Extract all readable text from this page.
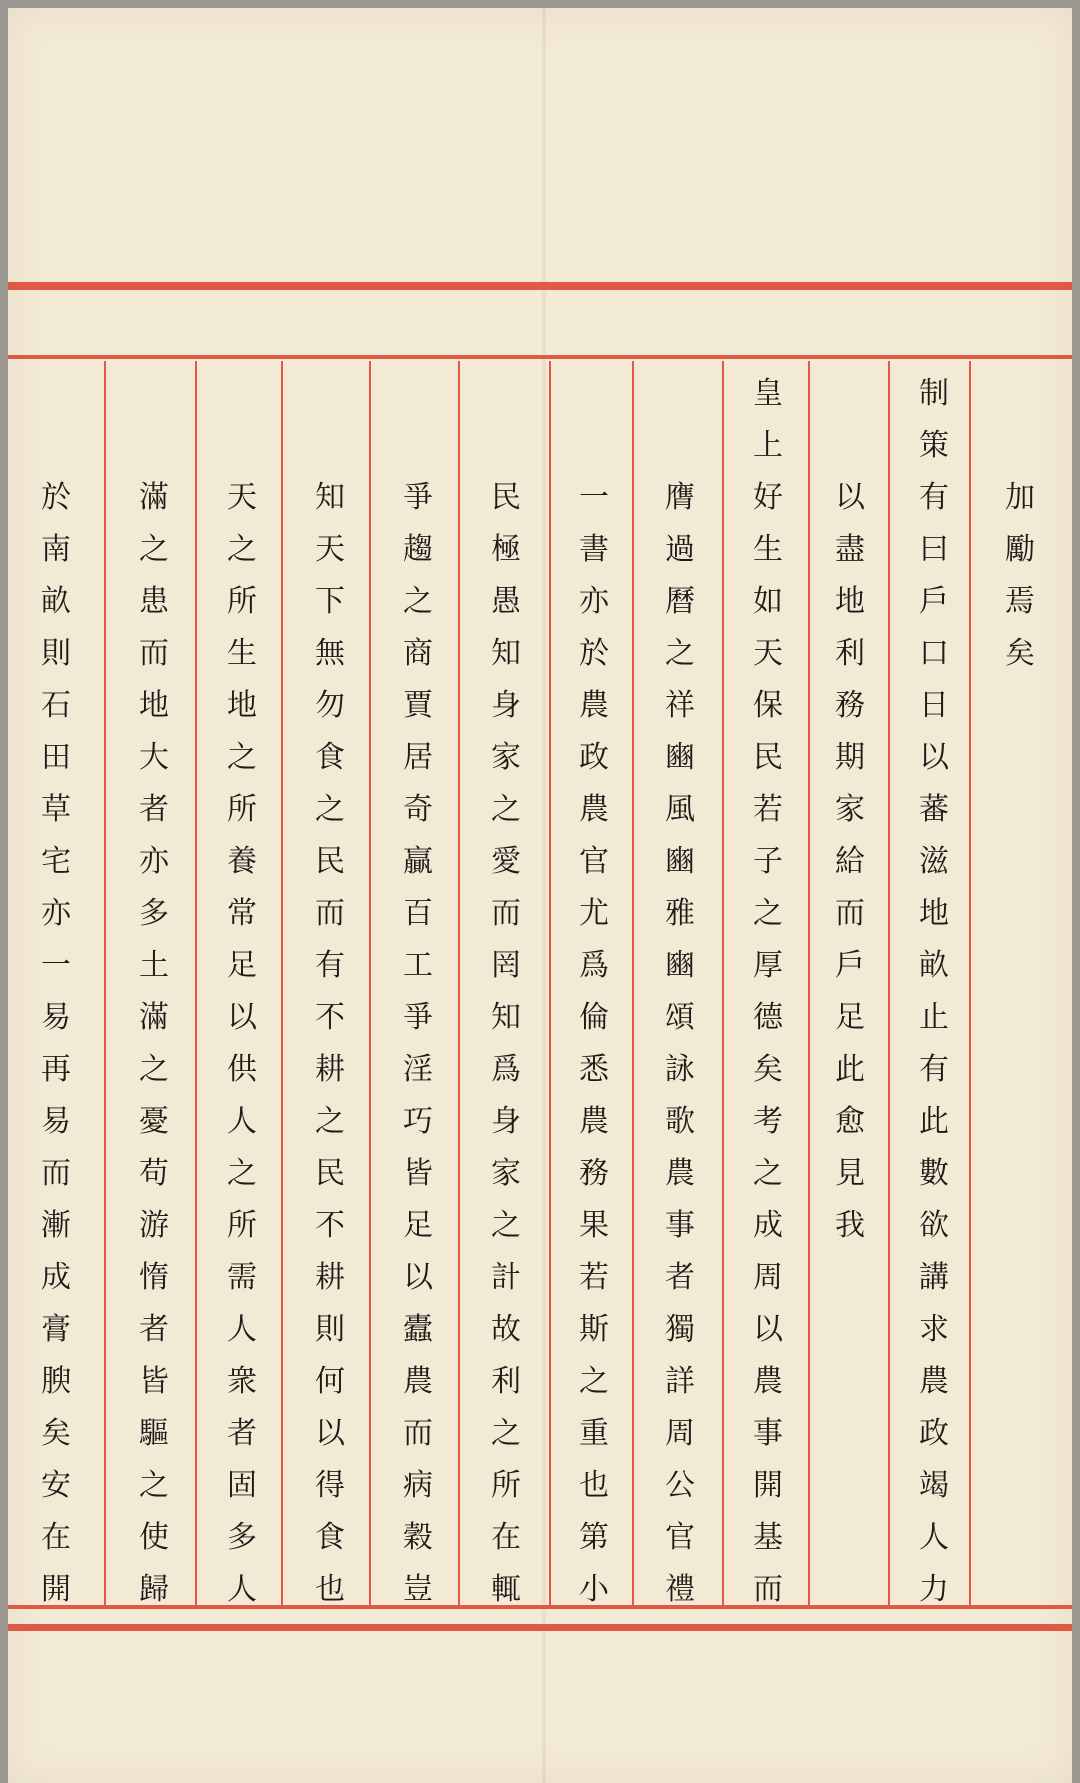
加
勵
焉
矣
制
策
有
曰
戶
口
日
以
蕃
滋
地
畝
止
有
此
數
欲
講
求
農
政
竭
人
力
以
盡
地
利
務
期
家
給
而
戶
足
此
愈
見
我
皇
上
好
生
如
天
保
民
若
子
之
厚
德
矣
考
之
成
周
以
農
事
開
基
而
膺
過
曆
之
祥
豳
風
豳
雅
豳
頌
詠
歌
農
事
者
獨
詳
周
公
官
禮
一
書
亦
於
農
政
農
官
尤
爲
倫
悉
農
務
果
若
斯
之
重
也
第
小
民
極
愚
知
身
家
之
愛
而
罔
知
爲
身
家
之
計
故
利
之
所
在
輒
爭
趨
之
商
賈
居
奇
贏
百
工
爭
淫
巧
皆
足
以
蠹
農
而
病
穀
豈
知
天
下
無
勿
食
之
民
而
有
不
耕
之
民
不
耕
則
何
以
得
食
也
天
之
所
生
地
之
所
養
常
足
以
供
人
之
所
需
人
衆
者
固
多
人
滿
之
患
而
地
大
者
亦
多
土
滿
之
憂
苟
游
惰
者
皆
驅
之
使
歸
於
南
畝
則
石
田
草
宅
亦
一
易
再
易
而
漸
成
膏
腴
矣
安
在
開
